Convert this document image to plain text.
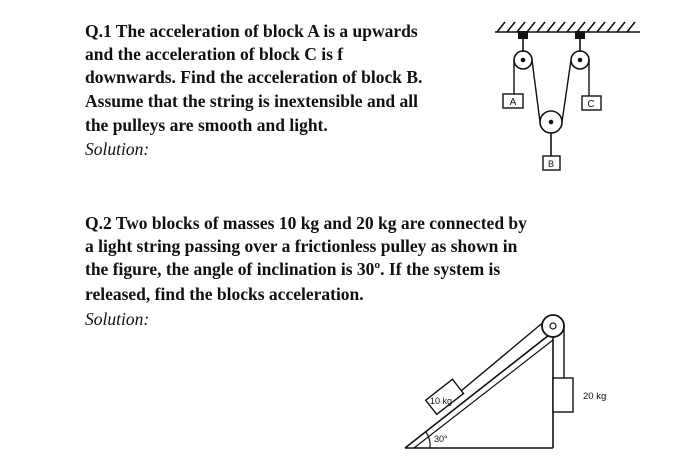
Q.1 The acceleration of block A is a upwards
and the acceleration of block C is f
downwards. Find the acceleration of block B.
Assume that the string is inextensible and all
the pulleys are smooth and light.
Solution:
Q.2 Two blocks of masses 10 kg and 20 kg are connected by
a light string passing over a frictionless pulley as shown in
the figure, the angle of inclination is 30º. If the system is
released, find the blocks acceleration.
Solution:
A	C
B
30°
10 kg	20 kg
